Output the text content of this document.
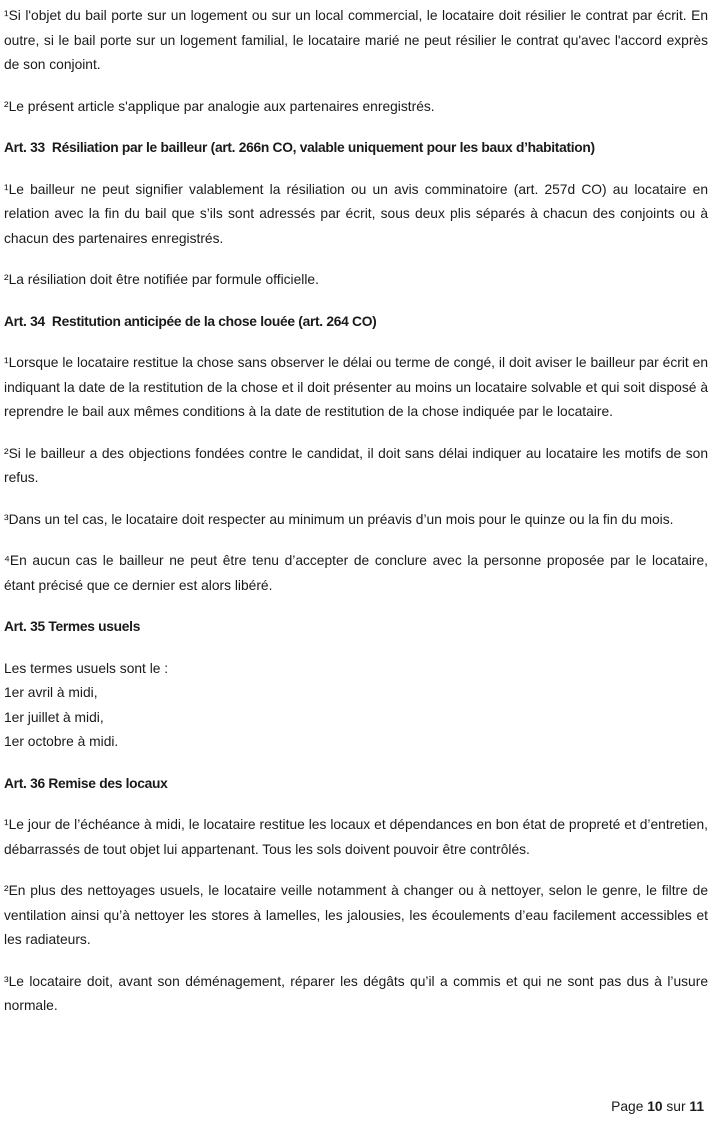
¹Si l'objet du bail porte sur un logement ou sur un local commercial, le locataire doit résilier le contrat par écrit. En outre, si le bail porte sur un logement familial, le locataire marié ne peut résilier le contrat qu'avec l'accord exprès de son conjoint.

²Le présent article s'applique par analogie aux partenaires enregistrés.

Art. 33  Résiliation par le bailleur (art. 266n CO, valable uniquement pour les baux d’habitation)

¹Le bailleur ne peut signifier valablement la résiliation ou un avis comminatoire (art. 257d CO) au locataire en relation avec la fin du bail que s’ils sont adressés par écrit, sous deux plis séparés à chacun des conjoints ou à chacun des partenaires enregistrés.

²La résiliation doit être notifiée par formule officielle.

Art. 34  Restitution anticipée de la chose louée (art. 264 CO)

¹Lorsque le locataire restitue la chose sans observer le délai ou terme de congé, il doit aviser le bailleur par écrit en indiquant la date de la restitution de la chose et il doit présenter au moins un locataire solvable et qui soit disposé à reprendre le bail aux mêmes conditions à la date de restitution de la chose indiquée par le locataire.

²Si le bailleur a des objections fondées contre le candidat, il doit sans délai indiquer au locataire les motifs de son refus.

³Dans un tel cas, le locataire doit respecter au minimum un préavis d’un mois pour le quinze ou la fin du mois.

⁴En aucun cas le bailleur ne peut être tenu d’accepter de conclure avec la personne proposée par le locataire, étant précisé que ce dernier est alors libéré.

Art. 35 Termes usuels

Les termes usuels sont le :

1er avril à midi,

1er juillet à midi,

1er octobre à midi.

Art. 36 Remise des locaux

¹Le jour de l’échéance à midi, le locataire restitue les locaux et dépendances en bon état de propreté et d’entretien, débarrassés de tout objet lui appartenant. Tous les sols doivent pouvoir être contrôlés.

²En plus des nettoyages usuels, le locataire veille notamment à changer ou à nettoyer, selon le genre, le filtre de ventilation ainsi qu’à nettoyer les stores à lamelles, les jalousies, les écoulements d’eau facilement accessibles et les radiateurs.

³Le locataire doit, avant son déménagement, réparer les dégâts qu’il a commis et qui ne sont pas dus à l’usure normale.

Page 10 sur 11
